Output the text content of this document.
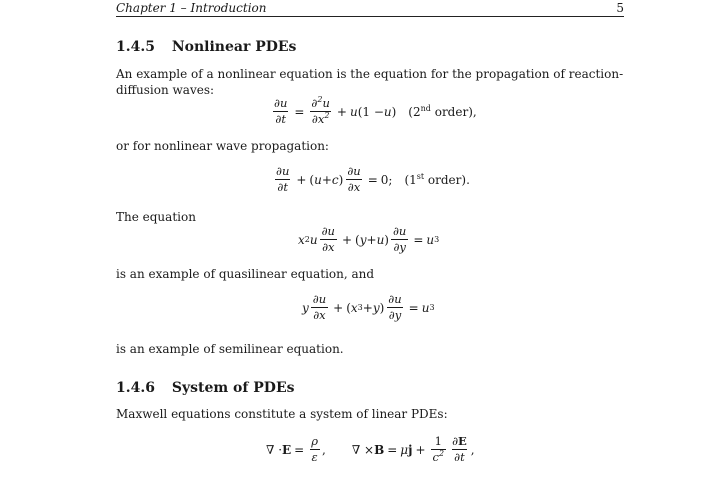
Chapter 1 – Introduction	5
1.4.5 Nonlinear PDEs
An example of a nonlinear equation is the equation for the propagation of reaction-diffusion waves:
$\frac{\partial u}{\partial t} = \frac{\partial^2u}{\partial x^2} + u$ (1 − u ) (2nd order),
or for nonlinear wave propagation:
$\frac{\partial u}{\partial t}$ + ( u + c ) $\frac{\partial u}{\partial x} = 0$; (1st order).
The equation
x 2 u $\frac{\partial u}{\partial x}$ + ( y + u ) $\frac{\partial u}{\partial y} = u$ 3
is an example of quasilinear equation, and
y $\frac{\partial u}{\partial x}$ + ( x 3 + y ) $\frac{\partial u}{\partial y} = u$ 3
is an example of semilinear equation.
1.4.6 System of PDEs
Maxwell equations constitute a system of linear PDEs:
∇ · $E = \frac{\rho}{\varepsilon}$ ,
∇ × B = μ $j + \frac{1}{c^2} \frac{\partial E}{\partial t}$ ,
